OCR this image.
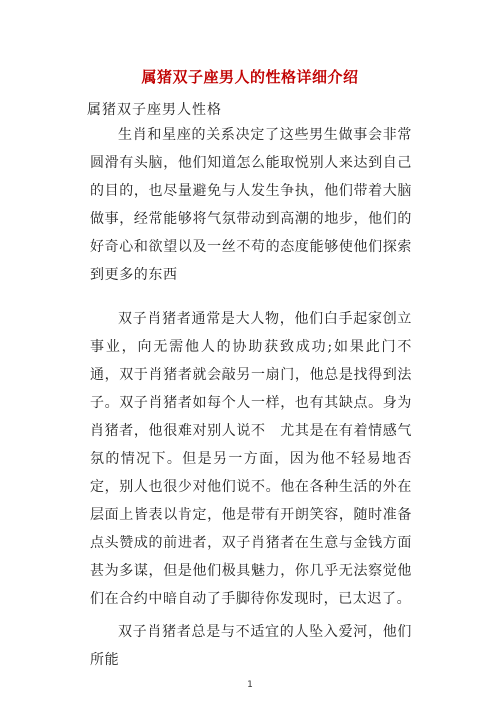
属猪双子座男人的性格详细介绍
属猪双子座男人性格

生肖和星座的关系决定了这些男生做事会非常圆滑有头脑，他们知道怎么能取悦别人来达到自己的目的，也尽量避免与人发生争执，他们带着大脑做事，经常能够将气氛带动到高潮的地步，他们的好奇心和欲望以及一丝不苟的态度能够使他们探索到更多的东西

双子肖猪者通常是大人物，他们白手起家创立事业，向无需他人的协助获致成功;如果此门不通，双于肖猪者就会敲另一扇门，他总是找得到法子。双子肖猪者如每个人一样，也有其缺点。身为肖猪者，他很难对别人说不　尤其是在有着情感气氛的情况下。但是另一方面，因为他不轻易地否定，别人也很少对他们说不。他在各种生活的外在层面上皆表以肯定，他是带有开朗笑容，随时准备点头赞成的前进者，双子肖猪者在生意与金钱方面甚为多谋，但是他们极具魅力，你几乎无法察觉他们在合约中暗自动了手脚待你发现时，已太迟了。

双子肖猪者总是与不适宜的人坠入爱河，他们所能

1
